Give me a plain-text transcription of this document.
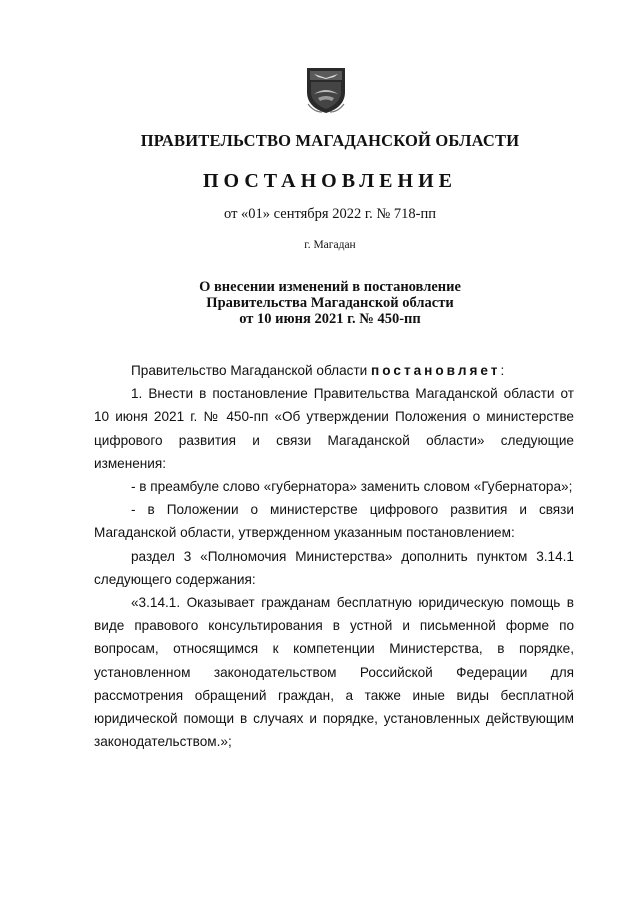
ПРАВИТЕЛЬСТВО МАГАДАНСКОЙ ОБЛАСТИ
ПОСТАНОВЛЕНИЕ
от «01» сентября 2022 г. № 718-пп
г. Магадан
О внесении изменений в постановление
Правительства Магаданской области
от 10 июня 2021 г. № 450-пп

Правительство Магаданской области постановляет:

1. Внести в постановление Правительства Магаданской области от 10 июня 2021 г. № 450-пп «Об утверждении Положения о министерстве цифрового развития и связи Магаданской области» следующие изменения:

- в преамбуле слово «губернатора» заменить словом «Губернатора»;

- в Положении о министерстве цифрового развития и связи Магаданской области, утвержденном указанным постановлением:

раздел 3 «Полномочия Министерства» дополнить пунктом 3.14.1 следующего содержания:

«3.14.1. Оказывает гражданам бесплатную юридическую помощь в виде правового консультирования в устной и письменной форме по вопросам, относящимся к компетенции Министерства, в порядке, установленном законодательством Российской Федерации для рассмотрения обращений граждан, а также иные виды бесплатной юридической помощи в случаях и порядке, установленных действующим законодательством.»;
